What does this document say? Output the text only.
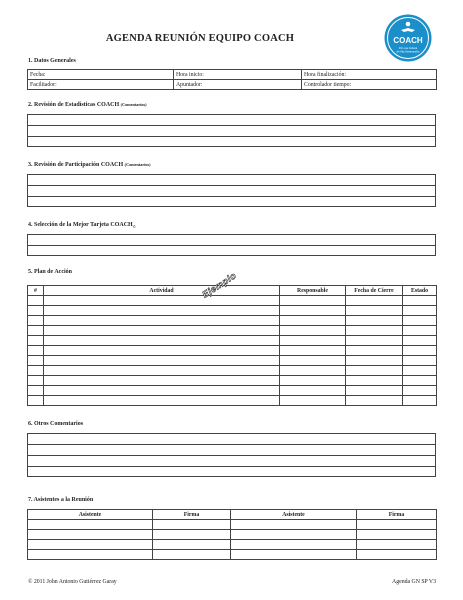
AGENDA REUNIÓN EQUIPO COACH	COACH
Por una Cultura
de Alto Desempeño
1. Datos Generales
Fecha:	Hora inicio:	Hora finalización:
Facilitador:	Apuntador:	Controlador tiempo:
2. Revisión de Estadísticas COACH (Comentarios)
3. Revisión de Participación COACH (Comentarios)
4. Selección de la Mejor Tarjeta $COACH_©$
5. Plan de Acción
#	Actividad	Responsable	Fecha de Cierre	Estado

Ejemplo
6. Otros Comentarios
7. Asistentes a la Reunión
Asistente	Firma	Asistente	Firma

© 2011 John Antonio Gutiérrez Garay	Agenda GN SP V3
